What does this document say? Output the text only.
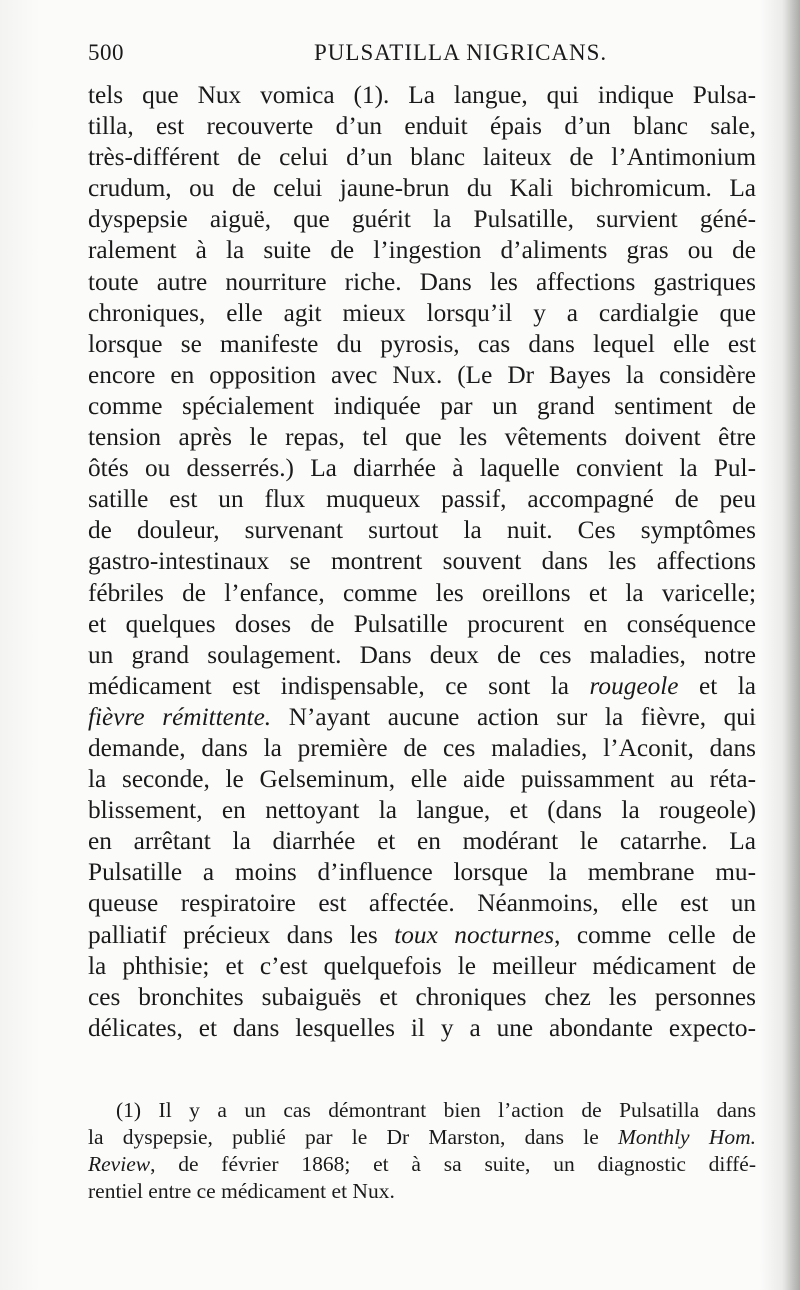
500	PULSATILLA NIGRICANS.
tels que Nux vomica (1). La langue, qui indique Pulsa-
tilla, est recouverte d’un enduit épais d’un blanc sale,
très-différent de celui d’un blanc laiteux de l’Antimonium
crudum, ou de celui jaune-brun du Kali bichromicum. La
dyspepsie aiguë, que guérit la Pulsatille, survient géné-
ralement à la suite de l’ingestion d’aliments gras ou de
toute autre nourriture riche. Dans les affections gastriques
chroniques, elle agit mieux lorsqu’il y a cardialgie que
lorsque se manifeste du pyrosis, cas dans lequel elle est
encore en opposition avec Nux. (Le Dr Bayes la considère
comme spécialement indiquée par un grand sentiment de
tension après le repas, tel que les vêtements doivent être
ôtés ou desserrés.) La diarrhée à laquelle convient la Pul-
satille est un flux muqueux passif, accompagné de peu
de douleur, survenant surtout la nuit. Ces symptômes
gastro-intestinaux se montrent souvent dans les affections
fébriles de l’enfance, comme les oreillons et la varicelle;
et quelques doses de Pulsatille procurent en conséquence
un grand soulagement. Dans deux de ces maladies, notre
médicament est indispensable, ce sont la rougeole et la
fièvre rémittente. N’ayant aucune action sur la fièvre, qui
demande, dans la première de ces maladies, l’Aconit, dans
la seconde, le Gelseminum, elle aide puissamment au réta-
blissement, en nettoyant la langue, et (dans la rougeole)
en arrêtant la diarrhée et en modérant le catarrhe. La
Pulsatille a moins d’influence lorsque la membrane mu-
queuse respiratoire est affectée. Néanmoins, elle est un
palliatif précieux dans les toux nocturnes, comme celle de
la phthisie; et c’est quelquefois le meilleur médicament de
ces bronchites subaiguës et chroniques chez les personnes
délicates, et dans lesquelles il y a une abondante expecto-
(1) Il y a un cas démontrant bien l’action de Pulsatilla dans
la dyspepsie, publié par le Dr Marston, dans le Monthly Hom.
Review, de février 1868; et à sa suite, un diagnostic diffé-
rentiel entre ce médicament et Nux.
